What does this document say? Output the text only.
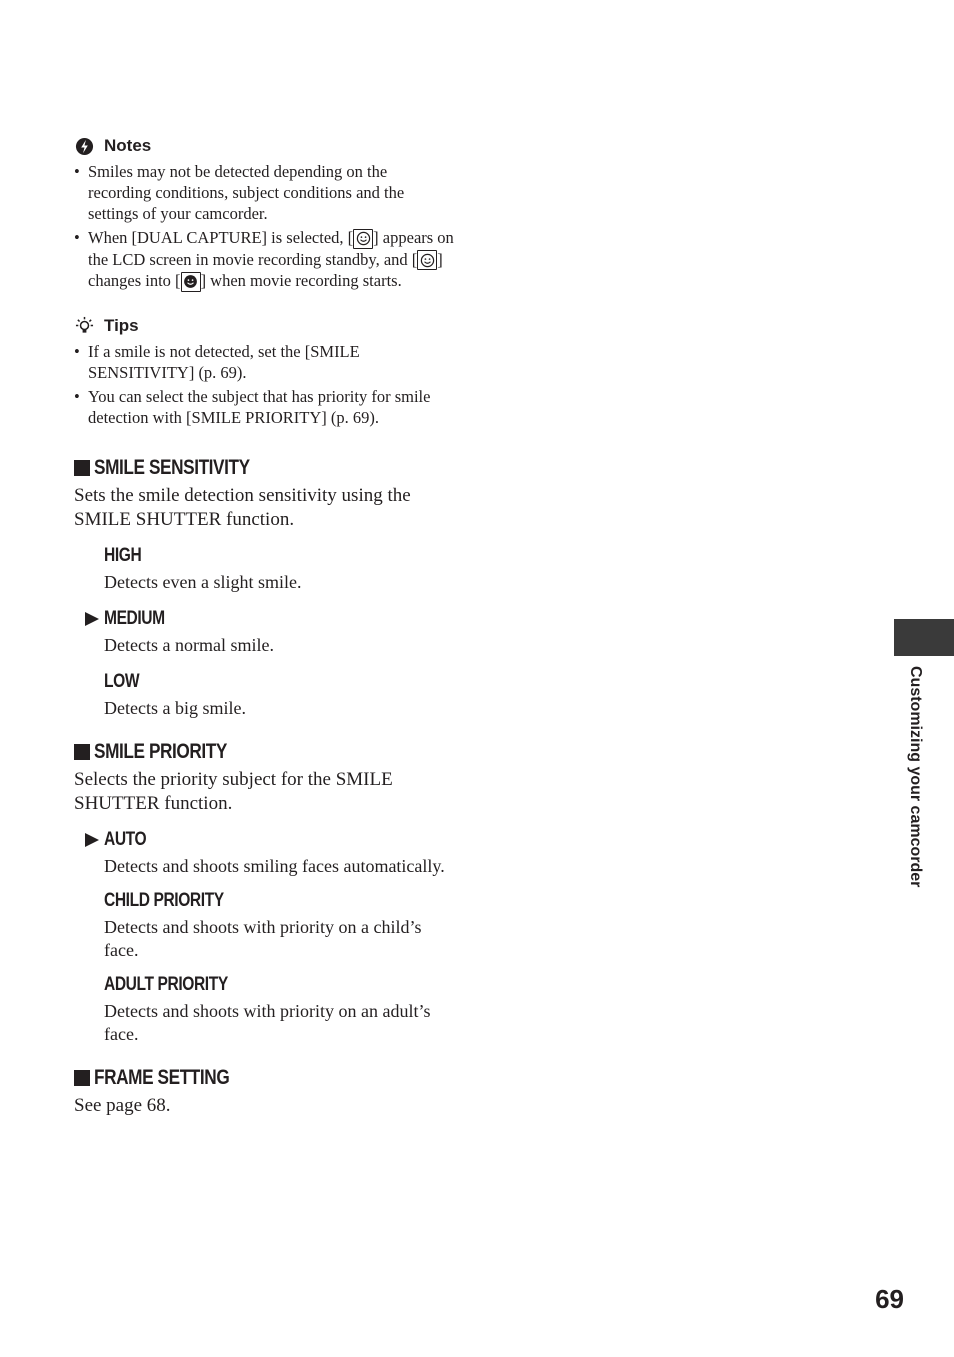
Notes
• Smiles may not be detected depending on the recording conditions, subject conditions and the settings of your camcorder.
• When [DUAL CAPTURE] is selected, [ ] appears on the LCD screen in movie recording standby, and [ ] changes into [ ] when movie recording starts.
Tips
• If a smile is not detected, set the [SMILE SENSITIVITY] (p. 69).
• You can select the subject that has priority for smile detection with [SMILE PRIORITY] (p. 69).
SMILE SENSITIVITY
Sets the smile detection sensitivity using the SMILE SHUTTER function.
HIGH
Detects even a slight smile.
MEDIUM
Detects a normal smile.
LOW
Detects a big smile.
SMILE PRIORITY
Selects the priority subject for the SMILE SHUTTER function.
AUTO
Detects and shoots smiling faces automatically.
CHILD PRIORITY
Detects and shoots with priority on a child’s face.
ADULT PRIORITY
Detects and shoots with priority on an adult’s face.
FRAME SETTING
See page 68.
Customizing your camcorder
69
